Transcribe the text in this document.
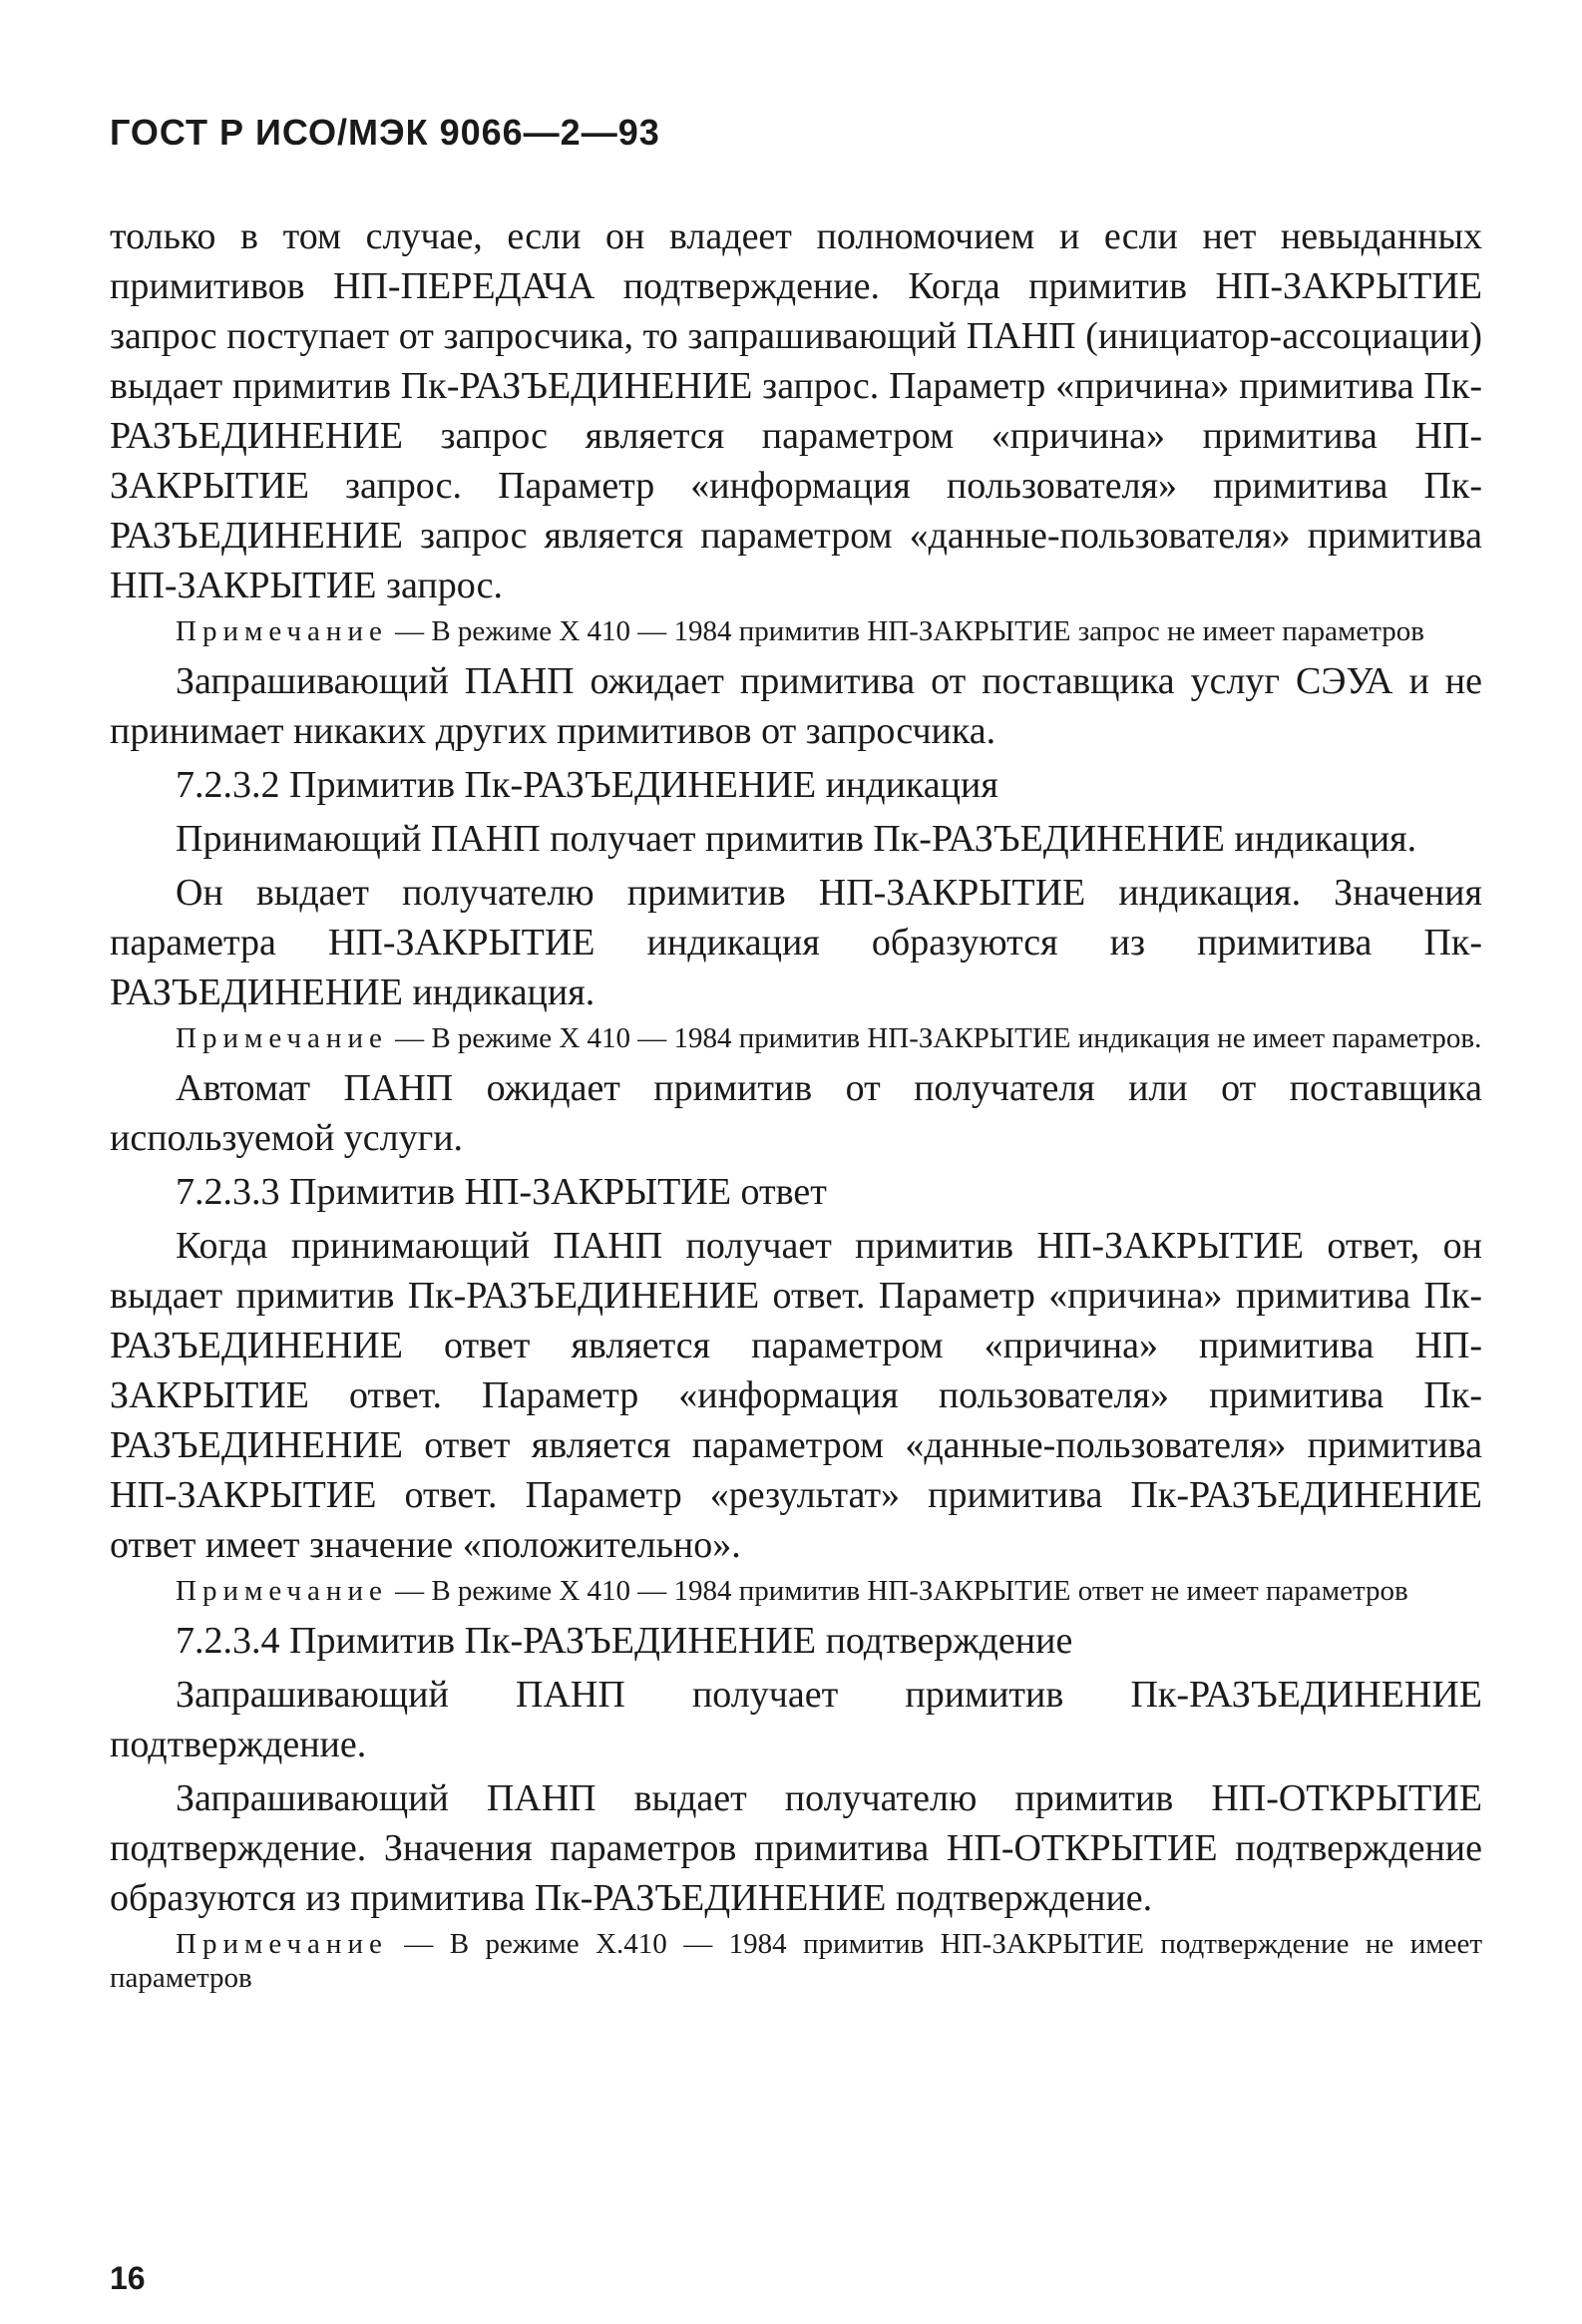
ГОСТ Р ИСО/МЭК 9066—2—93

только в том случае, если он владеет полномочием и если нет невыданных примитивов НП-ПЕРЕДАЧА подтверждение. Когда примитив НП-ЗАКРЫТИЕ запрос поступает от запросчика, то запрашивающий ПАНП (инициатор-ассоциации) выдает примитив Пк-РАЗЪЕДИНЕНИЕ запрос. Параметр «причина» примитива Пк-РАЗЪЕДИНЕНИЕ запрос является параметром «причина» примитива НП-ЗАКРЫТИЕ запрос. Параметр «информация пользователя» примитива Пк-РАЗЪЕДИНЕНИЕ запрос является параметром «данные-пользователя» примитива НП-ЗАКРЫТИЕ запрос.

Примечание — В режиме X 410 — 1984 примитив НП-ЗАКРЫТИЕ запрос не имеет параметров

Запрашивающий ПАНП ожидает примитива от поставщика услуг СЭУА и не принимает никаких других примитивов от запросчика.

7.2.3.2 Примитив Пк-РАЗЪЕДИНЕНИЕ индикация

Принимающий ПАНП получает примитив Пк-РАЗЪЕДИНЕНИЕ индикация.

Он выдает получателю примитив НП-ЗАКРЫТИЕ индикация. Значения параметра НП-ЗАКРЫТИЕ индикация образуются из примитива Пк-РАЗЪЕДИНЕНИЕ индикация.

Примечание — В режиме X 410 — 1984 примитив НП-ЗАКРЫТИЕ индикация не имеет параметров.

Автомат ПАНП ожидает примитив от получателя или от поставщика используемой услуги.

7.2.3.3 Примитив НП-ЗАКРЫТИЕ ответ

Когда принимающий ПАНП получает примитив НП-ЗАКРЫТИЕ ответ, он выдает примитив Пк-РАЗЪЕДИНЕНИЕ ответ. Параметр «причина» примитива Пк-РАЗЪЕДИНЕНИЕ ответ является параметром «причина» примитива НП-ЗАКРЫТИЕ ответ. Параметр «информация пользователя» примитива Пк-РАЗЪЕДИНЕНИЕ ответ является параметром «данные-пользователя» примитива НП-ЗАКРЫТИЕ ответ. Параметр «результат» примитива Пк-РАЗЪЕДИНЕНИЕ ответ имеет значение «положительно».

Примечание — В режиме X 410 — 1984 примитив НП-ЗАКРЫТИЕ ответ не имеет параметров

7.2.3.4 Примитив Пк-РАЗЪЕДИНЕНИЕ подтверждение

Запрашивающий ПАНП получает примитив Пк-РАЗЪЕДИНЕНИЕ подтверждение.

Запрашивающий ПАНП выдает получателю примитив НП-ОТКРЫТИЕ подтверждение. Значения параметров примитива НП-ОТКРЫТИЕ подтверждение образуются из примитива Пк-РАЗЪЕДИНЕНИЕ подтверждение.

Примечание — В режиме X.410 — 1984 примитив НП-ЗАКРЫТИЕ подтверждение не имеет параметров

16
